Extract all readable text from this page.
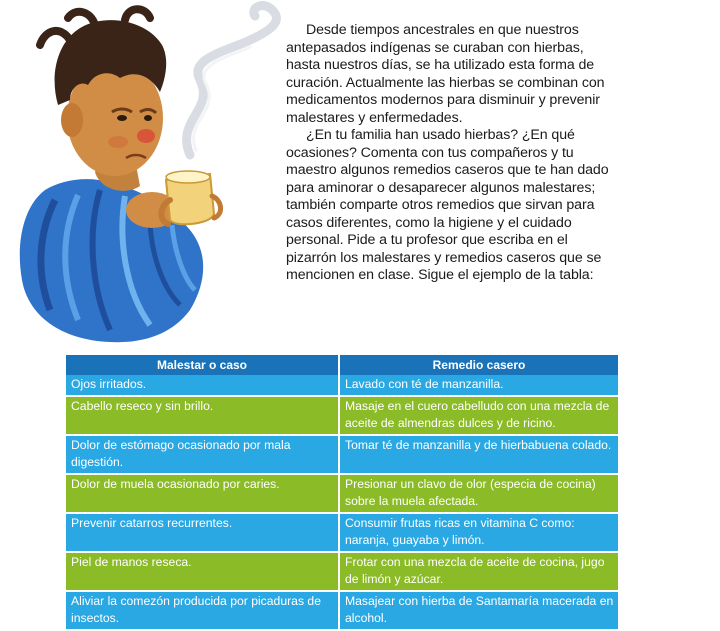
Desde tiempos ancestrales en que nuestros antepasados indígenas se curaban con hierbas, hasta nuestros días, se ha utilizado esta forma de curación. Actualmente las hierbas se combinan con medicamentos modernos para disminuir y prevenir malestares y enfermedades.

¿En tu familia han usado hierbas? ¿En qué ocasiones? Comenta con tus compañeros y tu maestro algunos remedios caseros que te han dado para aminorar o desaparecer algunos malestares; también comparte otros remedios que sirvan para casos diferentes, como la higiene y el cuidado personal. Pide a tu profesor que escriba en el pizarrón los malestares y remedios caseros que se mencionen en clase. Sigue el ejemplo de la tabla:

Malestar o caso	Remedio casero
Ojos irritados.	Lavado con té de manzanilla.
Cabello reseco y sin brillo.	Masaje en el cuero cabelludo con una mezcla de aceite de almendras dulces y de ricino.
Dolor de estómago ocasionado por mala digestión.	Tomar té de manzanilla y de hierbabuena colado.
Dolor de muela ocasionado por caries.	Presionar un clavo de olor (especia de cocina) sobre la muela afectada.
Prevenir catarros recurrentes.	Consumir frutas ricas en vitamina C como: naranja, guayaba y limón.
Piel de manos reseca.	Frotar con una mezcla de aceite de cocina, jugo de limón y azúcar.
Aliviar la comezón producida por picaduras de insectos.	Masajear con hierba de Santamaría macerada en alcohol.
